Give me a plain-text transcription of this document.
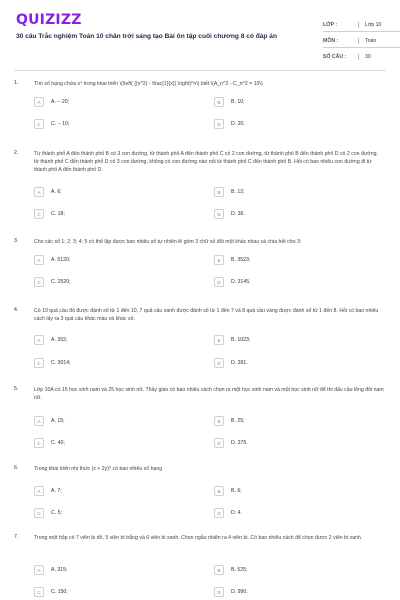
QUIZIZZ
30 câu Trắc nghiệm Toán 10 chân trời sáng tạo Bài ôn tập cuối chương 8 có đáp án
LỚP :	Lớp 10
MÔN :	Toán
SỐ CÂU :	30
1.	Tìm số hạng chứa x⁴ trong khai triển \(\left( {{x^2} - \frac{1}{x}} \right)^n\) biết \(A_n^2 - C_n^2 = 10\)
A	A. − 20;	B	B. 10;
C	C. − 10;	D	D. 20.
2.	Từ thành phố A đến thành phố B có 3 con đường, từ thành phố A đến thành phố C có 2 con đường, từ thành phố B đến thành phố D có 2 con đường, từ thành phố C đến thành phố D có 3 con đường, không có con đường nào nối từ thành phố C đến thành phố B. Hỏi có bao nhiêu con đường đi từ thành phố A đến thành phố D.
A	A. 6;	B	B. 12;
C	C. 18;	D	D. 36.
3.	Cho các số 1; 2; 3; 4; 5 có thể lập được bao nhiêu số tự nhiên lẻ gồm 3 chữ số đôi một khác nhau và chia hết cho 3:
A	A. 5120;	B	B. 3523;
C	C. 2520;	D	D. 3145.
4.	Có 10 quả cầu đỏ được đánh số từ 1 đến 10, 7 quả cầu xanh được đánh số từ 1 đến 7 và 8 quả cầu vàng được đánh số từ 1 đến 8. Hỏi có bao nhiêu cách lấy ra 3 quả cầu khác màu và khác số.
A	A. 392;	B	B. 1023;
C	C. 3014;	D	D. 391.
5.	Lớp 10A có 15 học sinh nam và 25 học sinh nữ. Thầy giáo có bao nhiêu cách chọn ra một học sinh nam và một học sinh nữ để thi đấu cầu lông đôi nam nữ.
A	A. 15;	B	B. 25;
C	C. 40;	D	D. 375.
6.	Trong khai triển nhị thức (x + 2y)⁵ có bao nhiêu số hạng
A	A. 7;	B	B. 6;
C	C. 5;	D	D. 4.
7.	Trong một hộp có 7 viên bi đỏ, 5 viên bi trắng và 6 viên bi xanh. Chọn ngẫu nhiên ra 4 viên bi. Có bao nhiêu cách để chọn được 2 viên bi xanh.
A	A. 315;	B	B. 525;
C	C. 150;	D	D. 990.
